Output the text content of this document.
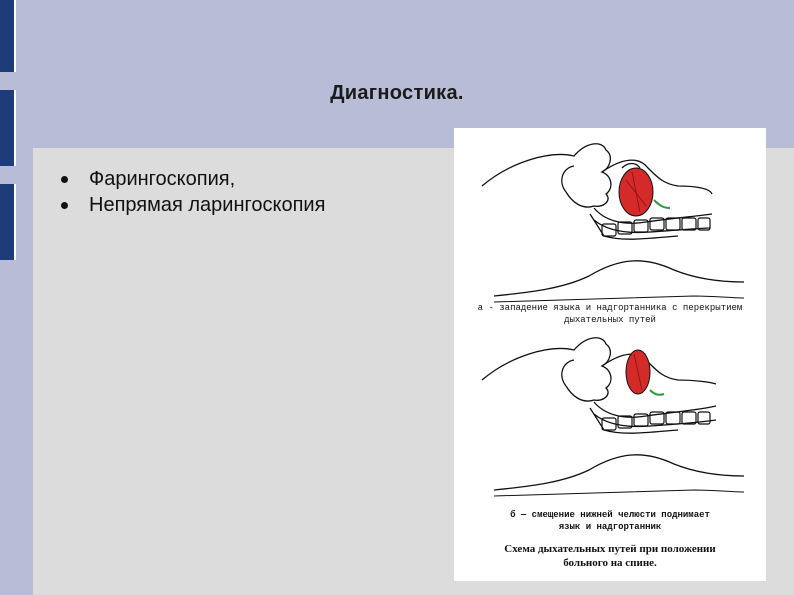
Диагностика.
Фарингоскопия,
Непрямая ларингоскопия
а - западение языка и надгортанника с перекрытием
дыхательных путей
б — смещение нижней челюсти поднимает
язык и надгортанник
Схема дыхательных путей при положении
больного на спине.
